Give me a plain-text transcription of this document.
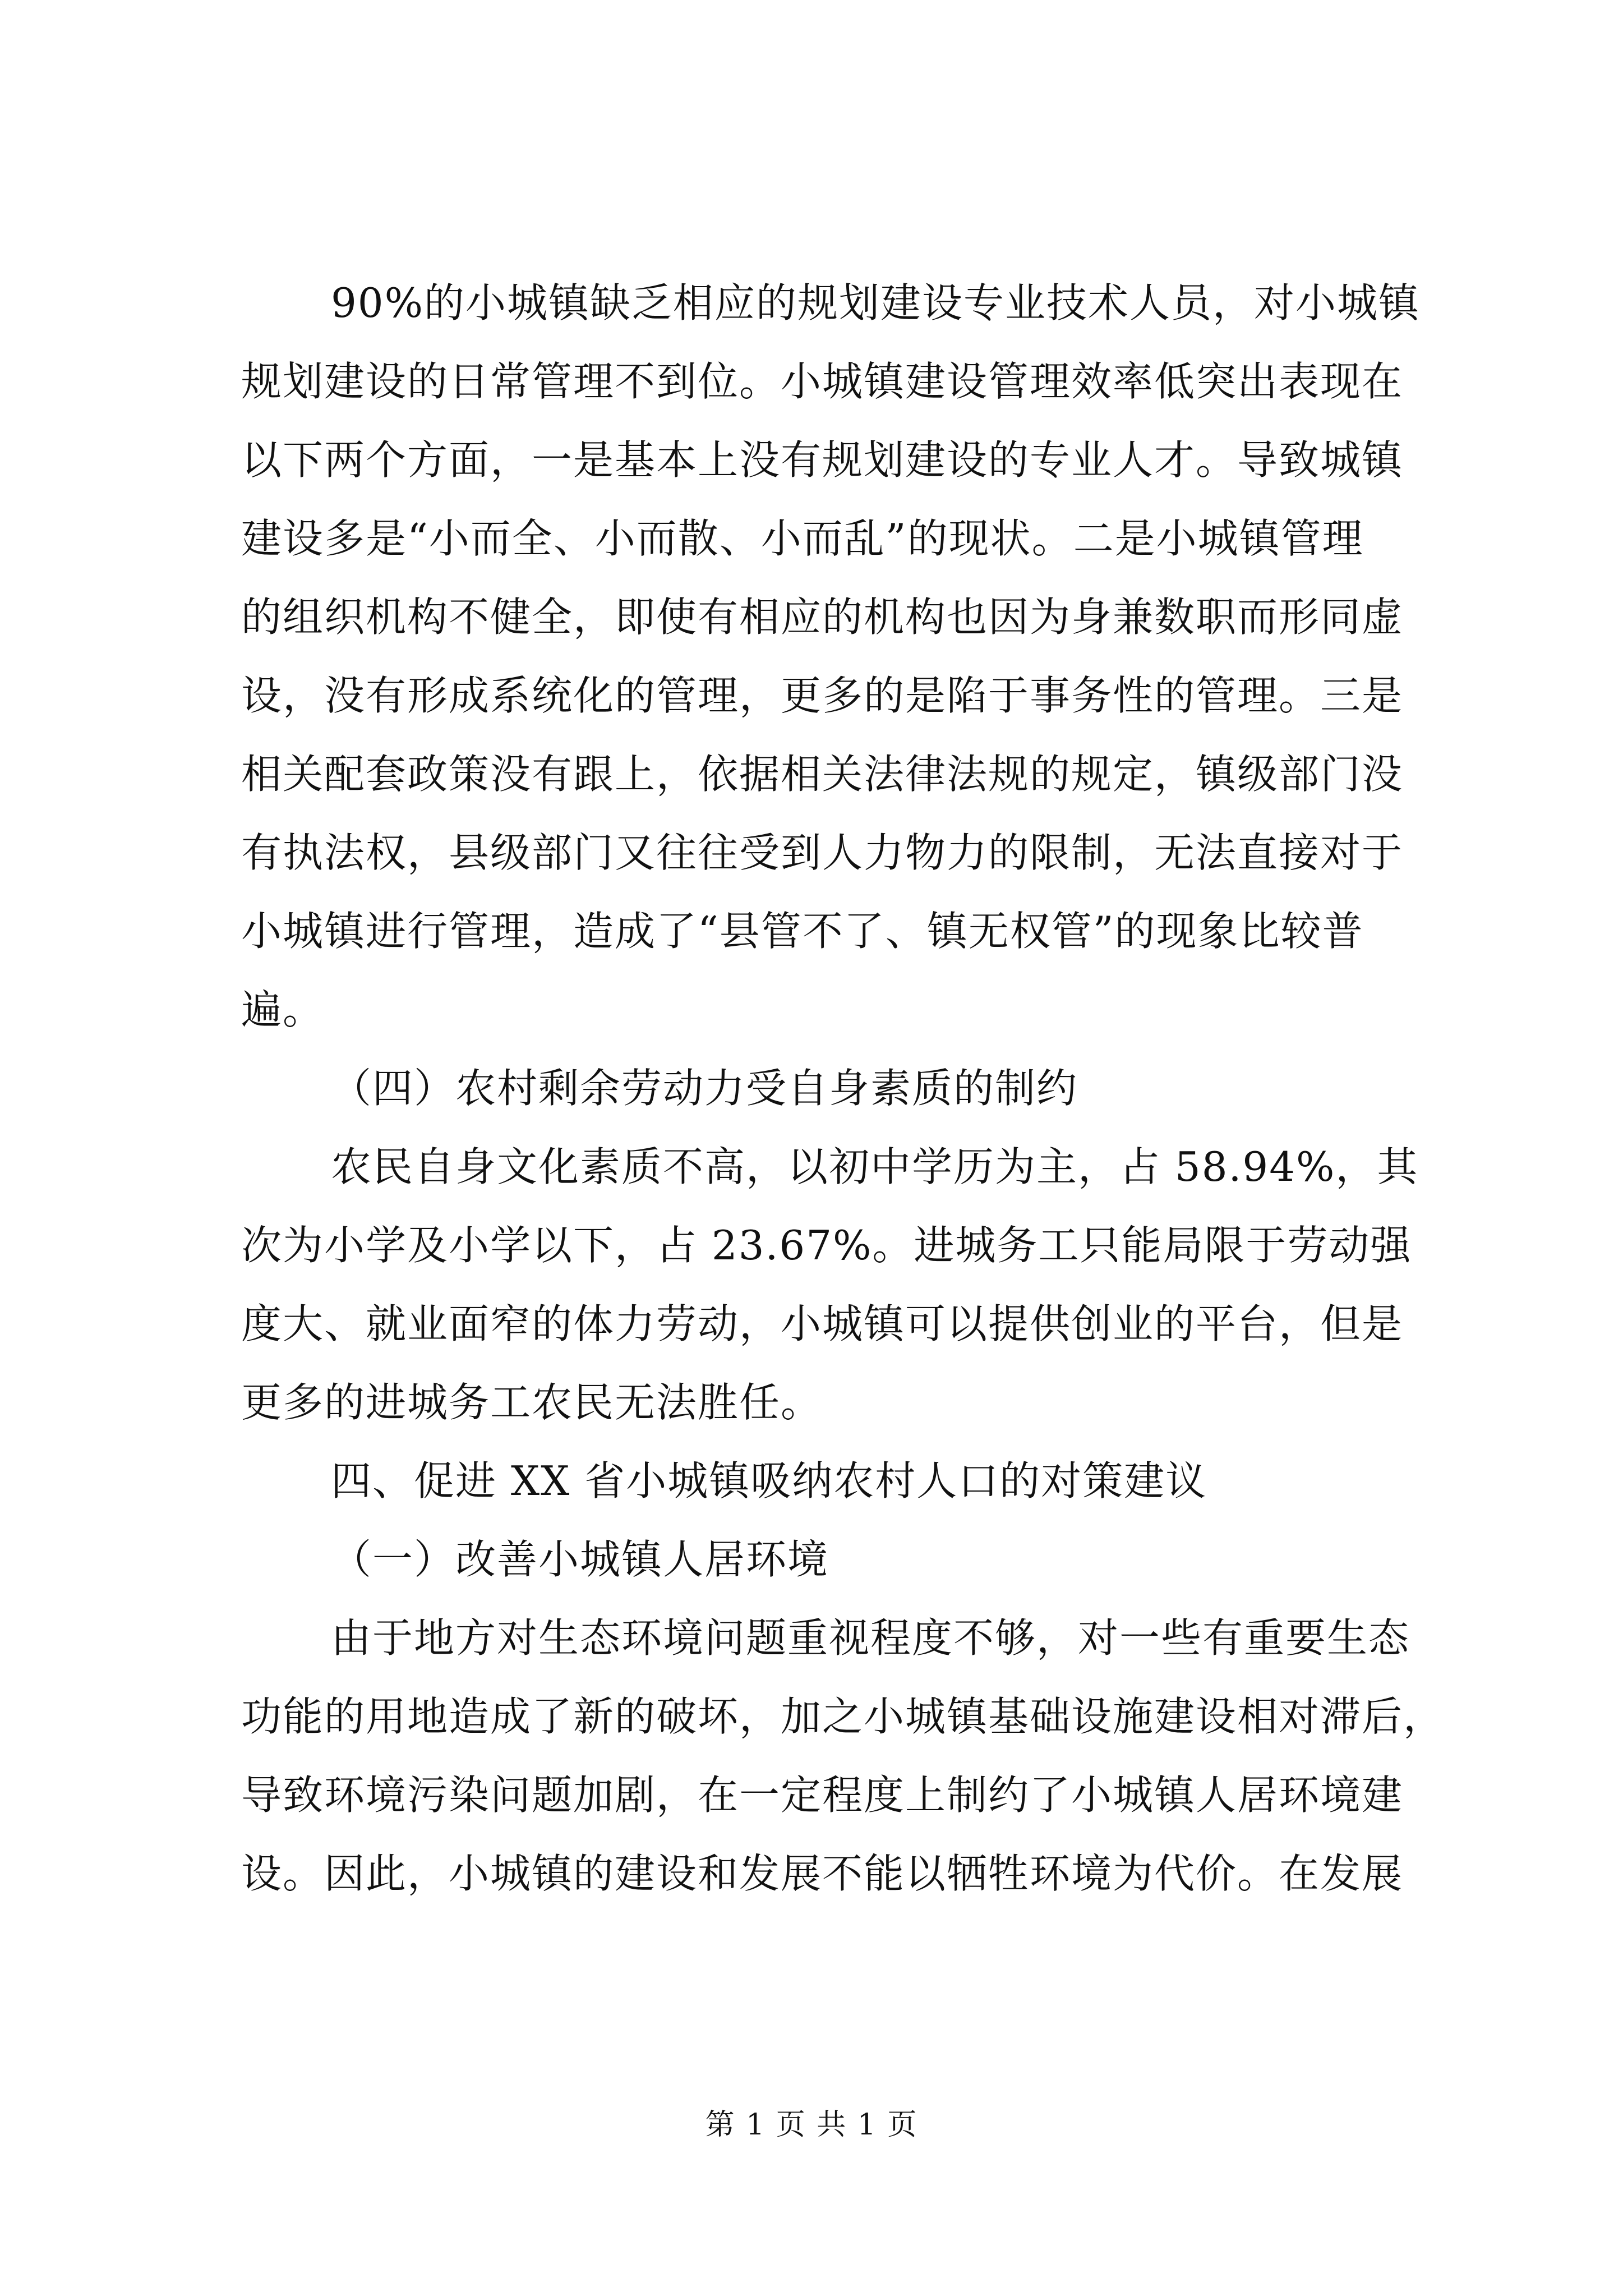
90%的小城镇缺乏相应的规划建设专业技术人员，对小城镇
规划建设的日常管理不到位。小城镇建设管理效率低突出表现在
以下两个方面，一是基本上没有规划建设的专业人才。导致城镇
建设多是“小而全、小而散、小而乱”的现状。二是小城镇管理
的组织机构不健全，即使有相应的机构也因为身兼数职而形同虚
设，没有形成系统化的管理，更多的是陷于事务性的管理。三是
相关配套政策没有跟上，依据相关法律法规的规定，镇级部门没
有执法权，县级部门又往往受到人力物力的限制，无法直接对于
小城镇进行管理，造成了“县管不了、镇无权管”的现象比较普
遍。
（四）农村剩余劳动力受自身素质的制约
农民自身文化素质不高，以初中学历为主，占 58.94%，其
次为小学及小学以下，占 23.67%。进城务工只能局限于劳动强
度大、就业面窄的体力劳动，小城镇可以提供创业的平台，但是
更多的进城务工农民无法胜任。
四、促进 XX 省小城镇吸纳农村人口的对策建议
（一）改善小城镇人居环境
由于地方对生态环境问题重视程度不够，对一些有重要生态
功能的用地造成了新的破坏，加之小城镇基础设施建设相对滞后，
导致环境污染问题加剧，在一定程度上制约了小城镇人居环境建
设。因此，小城镇的建设和发展不能以牺牲环境为代价。在发展
第 1 页 共 1 页
